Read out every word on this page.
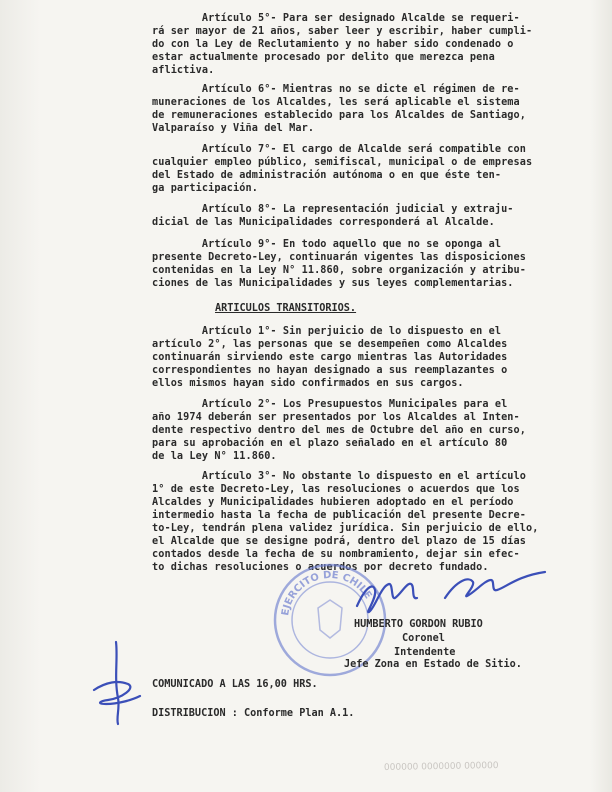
Artículo 5°- Para ser designado Alcalde se requeri-
rá ser mayor de 21 años, saber leer y escribir, haber cumpli-
do con la Ley de Reclutamiento y no haber sido condenado o
estar actualmente procesado por delito que merezca pena
aflictiva.
Artículo 6°- Mientras no se dicte el régimen de re-
muneraciones de los Alcaldes, les será aplicable el sistema
de remuneraciones establecido para los Alcaldes de Santiago,
Valparaíso y Viña del Mar.
Artículo 7°- El cargo de Alcalde será compatible con
cualquier empleo público, semifiscal, municipal o de empresas
del Estado de administración autónoma o en que éste ten-
ga participación.
Artículo 8°- La representación judicial y extraju-
dicial de las Municipalidades corresponderá al Alcalde.
Artículo 9°- En todo aquello que no se oponga al
presente Decreto-Ley, continuarán vigentes las disposiciones
contenidas en la Ley N° 11.860, sobre organización y atribu-
ciones de las Municipalidades y sus leyes complementarias.
ARTICULOS TRANSITORIOS.
Artículo 1°- Sin perjuicio de lo dispuesto en el
artículo 2°, las personas que se desempeñen como Alcaldes
continuarán sirviendo este cargo mientras las Autoridades
correspondientes no hayan designado a sus reemplazantes o
ellos mismos hayan sido confirmados en sus cargos.
Artículo 2°- Los Presupuestos Municipales para el
año 1974 deberán ser presentados por los Alcaldes al Inten-
dente respectivo dentro del mes de Octubre del año en curso,
para su aprobación en el plazo señalado en el artículo 80
de la Ley N° 11.860.
Artículo 3°- No obstante lo dispuesto en el artículo
1° de este Decreto-Ley, las resoluciones o acuerdos que los
Alcaldes y Municipalidades hubieren adoptado en el período
intermedio hasta la fecha de publicación del presente Decre-
to-Ley, tendrán plena validez jurídica. Sin perjuicio de ello,
el Alcalde que se designe podrá, dentro del plazo de 15 días
contados desde la fecha de su nombramiento, dejar sin efec-
to dichas resoluciones o acuerdos por decreto fundado.
EJERCITO DE CHILE
HUMBERTO GORDON RUBIO
Coronel
Intendente
Jefe Zona en Estado de Sitio.
COMUNICADO A LAS 16,00 HRS.
DISTRIBUCION : Conforme Plan A.1.
000000 0000000 000000
